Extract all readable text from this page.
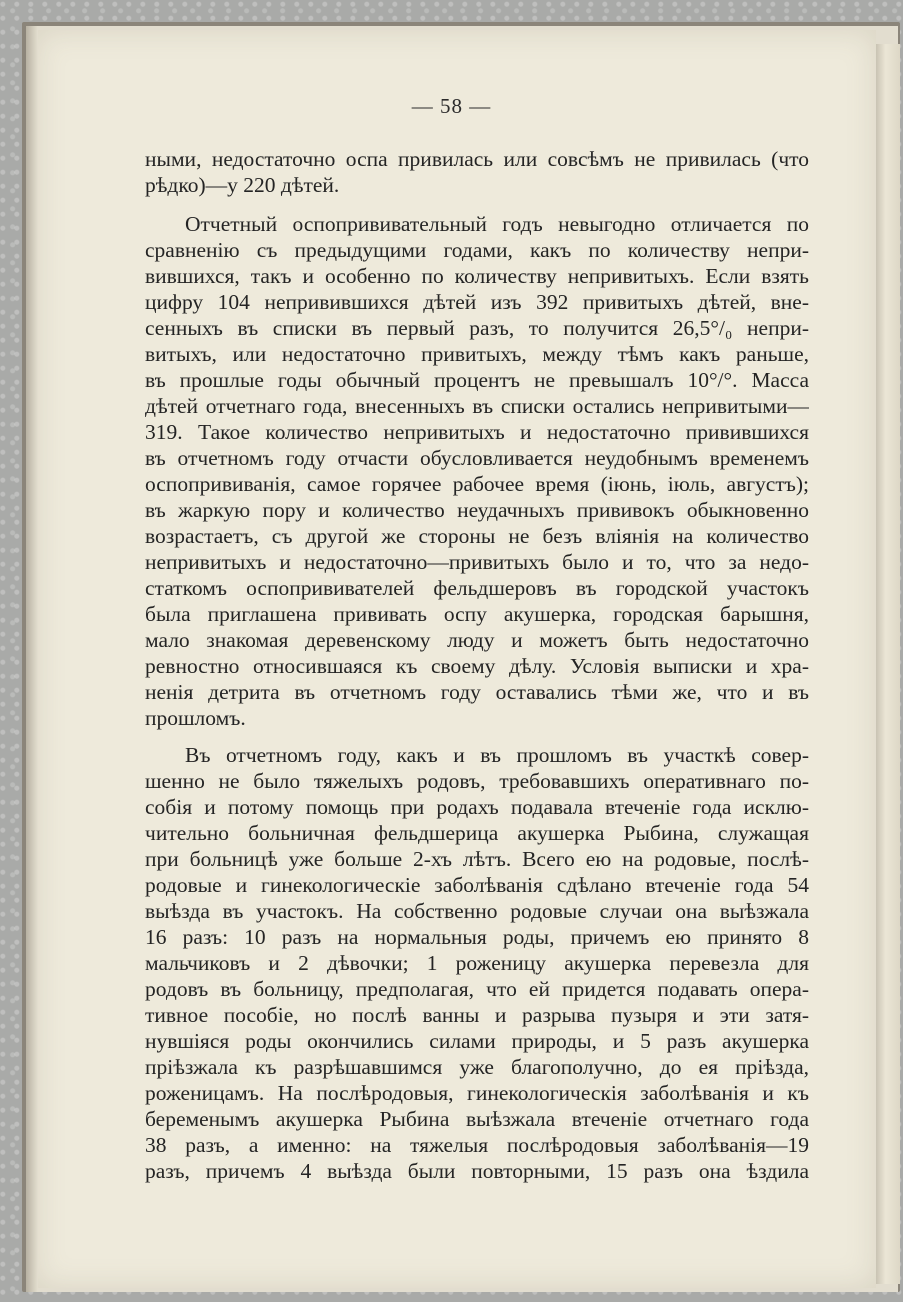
— 58 —
ными, недостаточно оспа привилась или совсѣмъ не привилась (что
рѣдко)—у 220 дѣтей.
Отчетный оспопрививательный годъ невыгодно отличается по
сравненію съ предыдущими годами, какъ по количеству непри-
вившихся, такъ и особенно по количеству непривитыхъ. Если взять
цифру 104 непривившихся дѣтей изъ 392 привитыхъ дѣтей, вне-
сенныхъ въ списки въ первый разъ, то получится 26,5°/₀ непри-
витыхъ, или недостаточно привитыхъ, между тѣмъ какъ раньше,
въ прошлые годы обычный процентъ не превышалъ 10°/°. Масса
дѣтей отчетнаго года, внесенныхъ въ списки остались непривитыми—
319. Такое количество непривитыхъ и недостаточно привившихся
въ отчетномъ году отчасти обусловливается неудобнымъ временемъ
оспопрививанія, самое горячее рабочее время (іюнь, іюль, августъ);
въ жаркую пору и количество неудачныхъ прививокъ обыкновенно
возрастаетъ, съ другой же стороны не безъ вліянія на количество
непривитыхъ и недостаточно—привитыхъ было и то, что за недо-
статкомъ оспопрививателей фельдшеровъ въ городской участокъ
была приглашена прививать оспу акушерка, городская барышня,
мало знакомая деревенскому люду и можетъ быть недостаточно
ревностно относившаяся къ своему дѣлу. Условія выписки и хра-
ненія детрита въ отчетномъ году оставались тѣми же, что и въ
прошломъ.
Въ отчетномъ году, какъ и въ прошломъ въ участкѣ совер-
шенно не было тяжелыхъ родовъ, требовавшихъ оперативнаго по-
собія и потому помощь при родахъ подавала втеченіе года исклю-
чительно больничная фельдшерица акушерка Рыбина, служащая
при больницѣ уже больше 2-хъ лѣтъ. Всего ею на родовые, послѣ-
родовые и гинекологическіе заболѣванія сдѣлано втеченіе года 54
выѣзда въ участокъ. На собственно родовые случаи она выѣзжала
16 разъ: 10 разъ на нормальныя роды, причемъ ею принято 8
мальчиковъ и 2 дѣвочки; 1 роженицу акушерка перевезла для
родовъ въ больницу, предполагая, что ей придется подавать опера-
тивное пособіе, но послѣ ванны и разрыва пузыря и эти затя-
нувшіяся роды окончились силами природы, и 5 разъ акушерка
пріѣзжала къ разрѣшавшимся уже благополучно, до ея пріѣзда,
роженицамъ. На послѣродовыя, гинекологическія заболѣванія и къ
беременымъ акушерка Рыбина выѣзжала втеченіе отчетнаго года
38 разъ, а именно: на тяжелыя послѣродовыя заболѣванія—19
разъ, причемъ 4 выѣзда были повторными, 15 разъ она ѣздила
